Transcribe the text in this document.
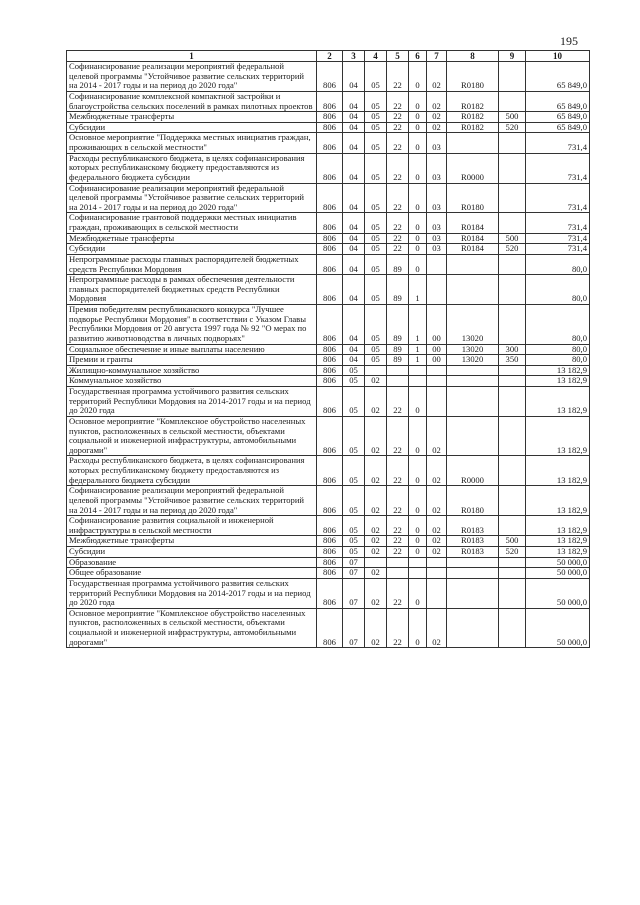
195
1	2	3	4	5	6	7	8	9	10
Софинансирование реализации мероприятий федеральной целевой программы "Устойчивое развитие сельских территорий на 2014 - 2017 годы и на период до 2020 года"	806	04	05	22	0	02	R0180		65 849,0
Софинансирование комплексной компактной застройки и благоустройства сельских поселений в рамках пилотных проектов	806	04	05	22	0	02	R0182		65 849,0
Межбюджетные трансферты	806	04	05	22	0	02	R0182	500	65 849,0
Субсидии	806	04	05	22	0	02	R0182	520	65 849,0
Основное мероприятие "Поддержка местных инициатив граждан, проживающих в сельской местности"	806	04	05	22	0	03			731,4
Расходы республиканского бюджета, в целях софинансирования которых республиканскому бюджету предоставляются из федерального бюджета субсидии	806	04	05	22	0	03	R0000		731,4
Софинансирование реализации мероприятий федеральной целевой программы "Устойчивое развитие сельских территорий на 2014 - 2017 годы и на период до 2020 года"	806	04	05	22	0	03	R0180		731,4
Софинансирование грантовой поддержки местных инициатив граждан, проживающих в сельской местности	806	04	05	22	0	03	R0184		731,4
Межбюджетные трансферты	806	04	05	22	0	03	R0184	500	731,4
Субсидии	806	04	05	22	0	03	R0184	520	731,4
Непрограммные расходы главных распорядителей бюджетных средств Республики Мордовия	806	04	05	89	0				80,0
Непрограммные расходы в рамках обеспечения деятельности главных распорядителей бюджетных средств Республики Мордовия	806	04	05	89	1				80,0
Премия победителям республиканского конкурса "Лучшее подворье Республики Мордовия" в соответствии с Указом Главы Республики Мордовия от 20 августа 1997 года № 92 "О мерах по развитию животноводства в личных подворьях"	806	04	05	89	1	00	13020		80,0
Социальное обеспечение и иные выплаты населению	806	04	05	89	1	00	13020	300	80,0
Премии и гранты	806	04	05	89	1	00	13020	350	80,0
Жилищно-коммунальное хозяйство	806	05							13 182,9
Коммунальное хозяйство	806	05	02						13 182,9
Государственная программа устойчивого развития сельских территорий Республики Мордовия на 2014-2017 годы и на период до 2020 года	806	05	02	22	0				13 182,9
Основное мероприятие "Комплексное обустройство населенных пунктов, расположенных в сельской местности, объектами социальной и инженерной инфраструктуры, автомобильными дорогами"	806	05	02	22	0	02			13 182,9
Расходы республиканского бюджета, в целях софинансирования которых республиканскому бюджету предоставляются из федерального бюджета субсидии	806	05	02	22	0	02	R0000		13 182,9
Софинансирование реализации мероприятий федеральной целевой программы "Устойчивое развитие сельских территорий на 2014 - 2017 годы и на период до 2020 года"	806	05	02	22	0	02	R0180		13 182,9
Софинансирование развития социальной и инженерной инфраструктуры в сельской местности	806	05	02	22	0	02	R0183		13 182,9
Межбюджетные трансферты	806	05	02	22	0	02	R0183	500	13 182,9
Субсидии	806	05	02	22	0	02	R0183	520	13 182,9
Образование	806	07							50 000,0
Общее образование	806	07	02						50 000,0
Государственная программа устойчивого развития сельских территорий Республики Мордовия на 2014-2017 годы и на период до 2020 года	806	07	02	22	0				50 000,0
Основное мероприятие "Комплексное обустройство населенных пунктов, расположенных в сельской местности, объектами социальной и инженерной инфраструктуры, автомобильными дорогами"	806	07	02	22	0	02			50 000,0
